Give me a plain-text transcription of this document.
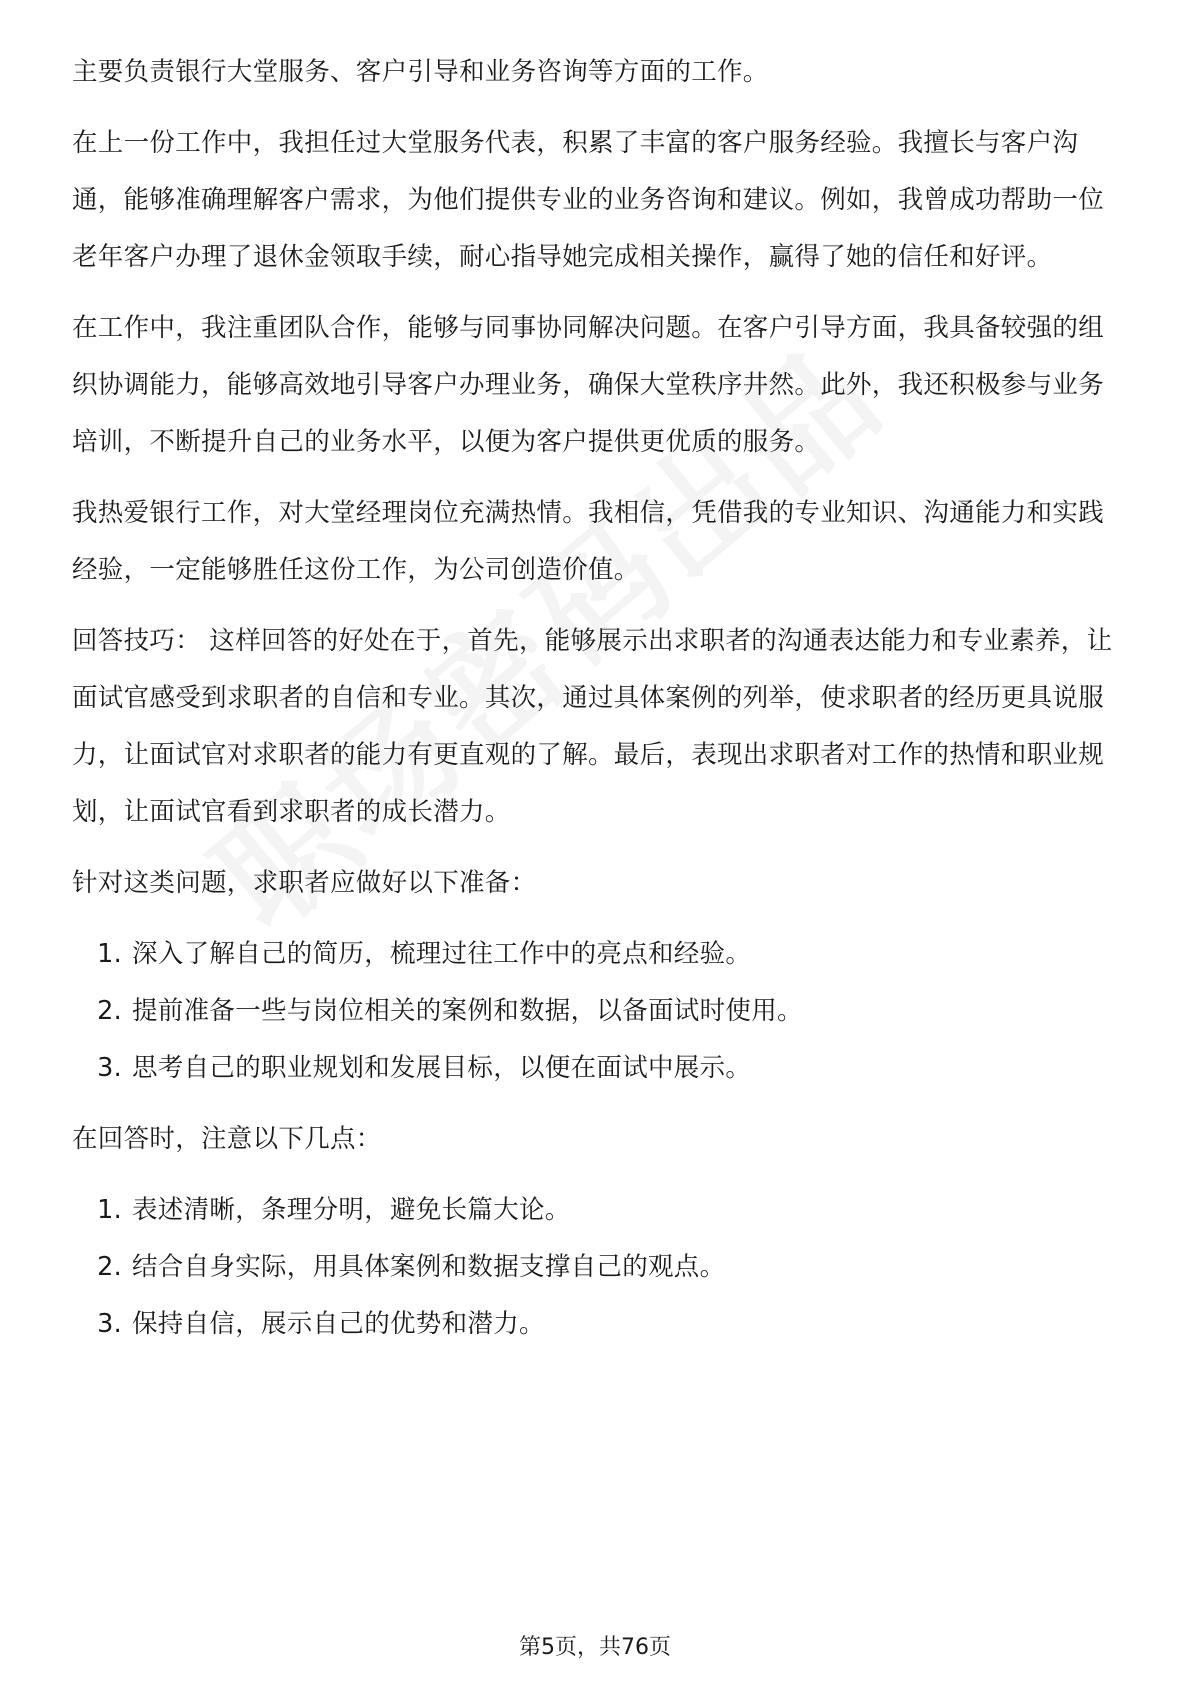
主要负责银行大堂服务、客户引导和业务咨询等方面的工作。

在上一份工作中，我担任过大堂服务代表，积累了丰富的客户服务经验。我擅长与客户沟通，能够准确理解客户需求，为他们提供专业的业务咨询和建议。例如，我曾成功帮助一位老年客户办理了退休金领取手续，耐心指导她完成相关操作，赢得了她的信任和好评。

在工作中，我注重团队合作，能够与同事协同解决问题。在客户引导方面，我具备较强的组织协调能力，能够高效地引导客户办理业务，确保大堂秩序井然。此外，我还积极参与业务培训，不断提升自己的业务水平，以便为客户提供更优质的服务。

我热爱银行工作，对大堂经理岗位充满热情。我相信，凭借我的专业知识、沟通能力和实践经验，一定能够胜任这份工作，为公司创造价值。

回答技巧： 这样回答的好处在于，首先，能够展示出求职者的沟通表达能力和专业素养，让面试官感受到求职者的自信和专业。其次，通过具体案例的列举，使求职者的经历更具说服力，让面试官对求职者的能力有更直观的了解。最后，表现出求职者对工作的热情和职业规划，让面试官看到求职者的成长潜力。

针对这类问题，求职者应做好以下准备：

1. 深入了解自己的简历，梳理过往工作中的亮点和经验。
2. 提前准备一些与岗位相关的案例和数据，以备面试时使用。
3. 思考自己的职业规划和发展目标，以便在面试中展示。

在回答时，注意以下几点：

1. 表述清晰，条理分明，避免长篇大论。
2. 结合自身实际，用具体案例和数据支撑自己的观点。
3. 保持自信，展示自己的优势和潜力。
第5页，共76页
